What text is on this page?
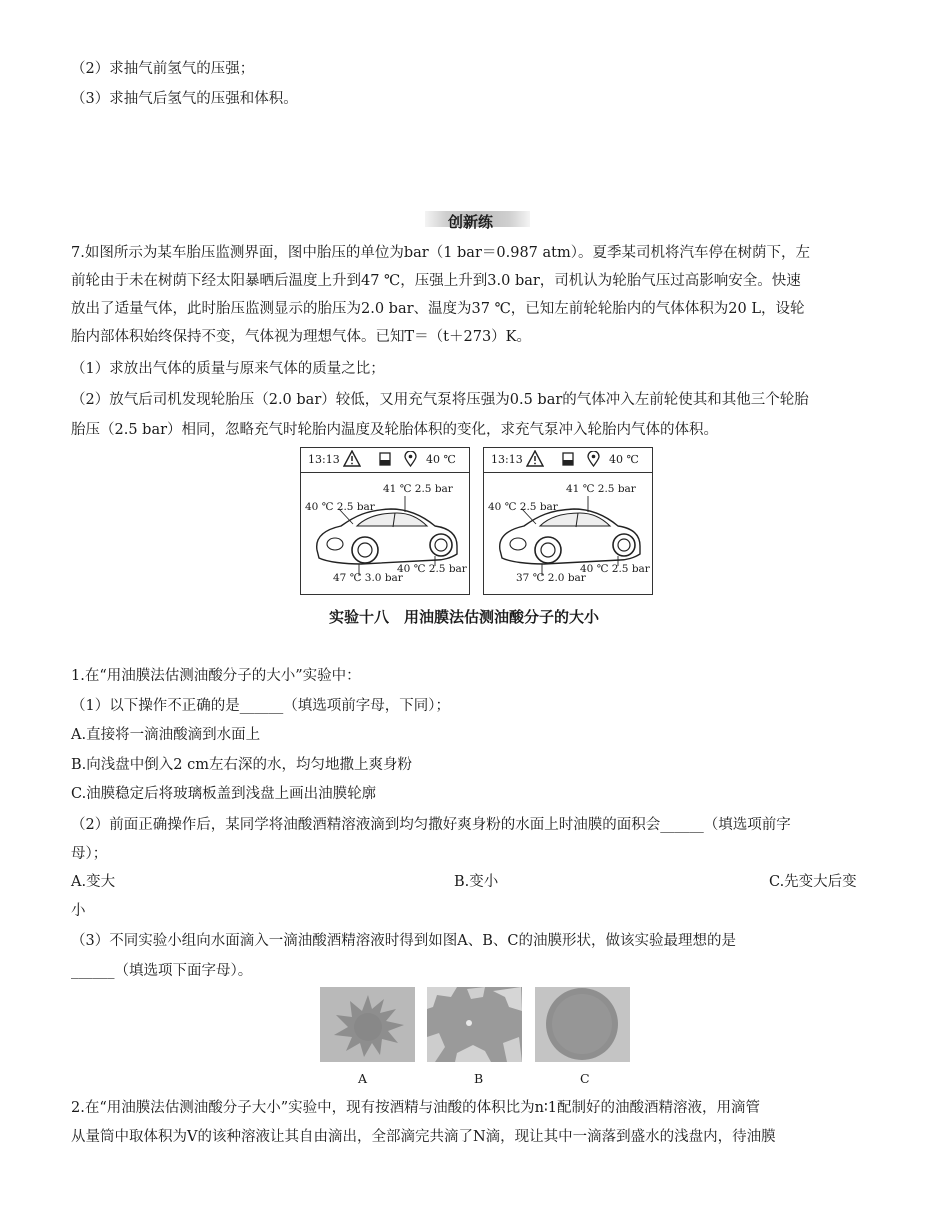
（2）求抽气前氢气的压强；
（3）求抽气后氢气的压强和体积。
创新练
7.如图所示为某车胎压监测界面，图中胎压的单位为bar（1 bar＝0.987 atm）。夏季某司机将汽车停在树荫下，左
前轮由于未在树荫下经太阳暴晒后温度上升到47 ℃，压强上升到3.0 bar，司机认为轮胎气压过高影响安全。快速
放出了适量气体，此时胎压监测显示的胎压为2.0 bar、温度为37 ℃，已知左前轮轮胎内的气体体积为20 L，设轮
胎内部体积始终保持不变，气体视为理想气体。已知T＝（t＋273）K。
（1）求放出气体的质量与原来气体的质量之比；
（2）放气后司机发现轮胎压（2.0 bar）较低，又用充气泵将压强为0.5 bar的气体冲入左前轮使其和其他三个轮胎
胎压（2.5 bar）相同，忽略充气时轮胎内温度及轮胎体积的变化，求充气泵冲入轮胎内气体的体积。
13:13	40 ℃
40 ℃ 2.5 bar
41 ℃ 2.5 bar
40 ℃ 2.5 bar
47 ℃ 3.0 bar
13:13	40 ℃
40 ℃ 2.5 bar
41 ℃ 2.5 bar
40 ℃ 2.5 bar
37 ℃ 2.0 bar
实验十八　用油膜法估测油酸分子的大小
1.在“用油膜法估测油酸分子的大小”实验中：
（1）以下操作不正确的是______（填选项前字母，下同）；
A.直接将一滴油酸滴到水面上
B.向浅盘中倒入2 cm左右深的水，均匀地撒上爽身粉
C.油膜稳定后将玻璃板盖到浅盘上画出油膜轮廓
（2）前面正确操作后，某同学将油酸酒精溶液滴到均匀撒好爽身粉的水面上时油膜的面积会______（填选项前字
母）；
A.变大	B.变小	C.先变大后变
小
（3）不同实验小组向水面滴入一滴油酸酒精溶液时得到如图A、B、C的油膜形状，做该实验最理想的是
______（填选项下面字母）。
A	B	C
2.在“用油膜法估测油酸分子大小”实验中，现有按酒精与油酸的体积比为n∶1配制好的油酸酒精溶液，用滴管
从量筒中取体积为V的该种溶液让其自由滴出，全部滴完共滴了N滴，现让其中一滴落到盛水的浅盘内，待油膜
